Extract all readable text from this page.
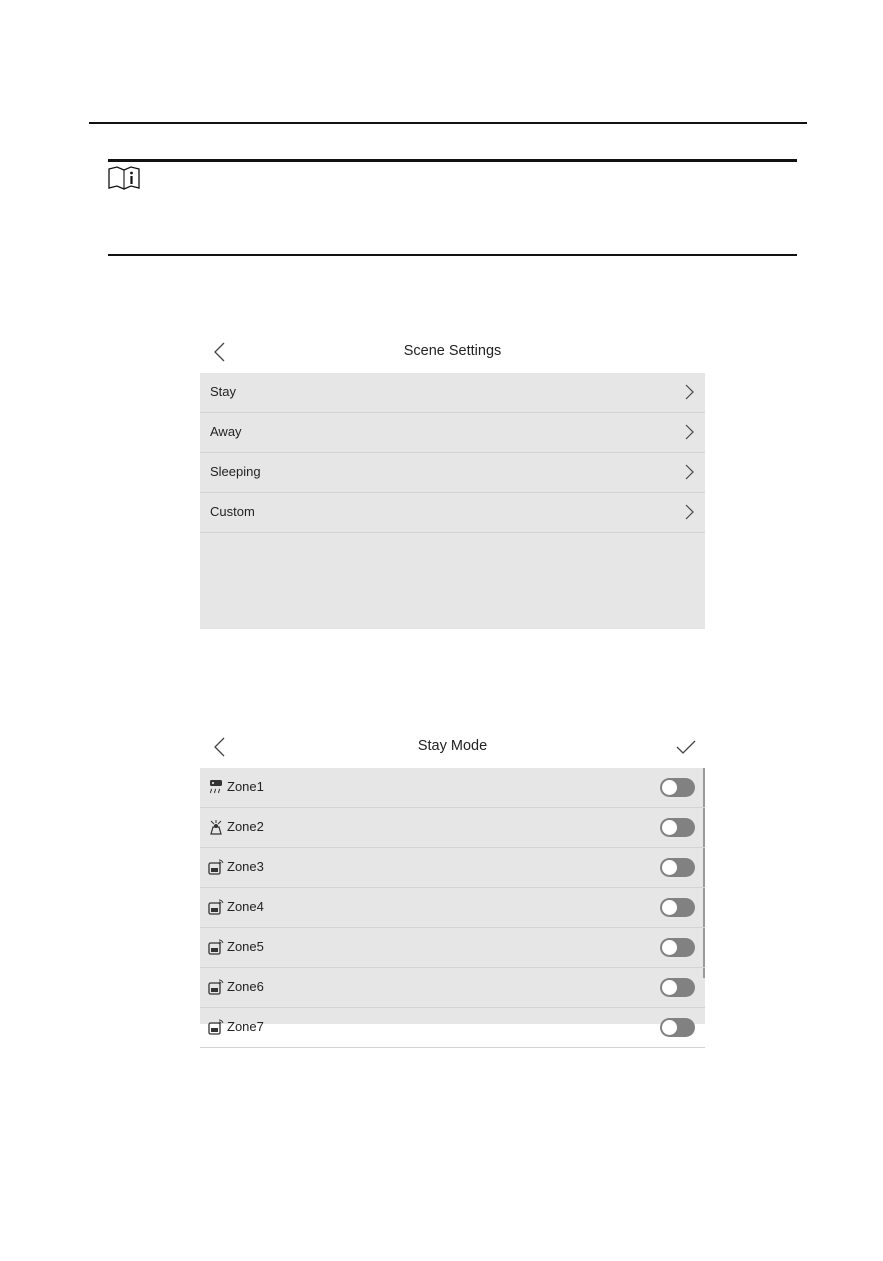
Scene Settings
Stay
Away
Sleeping
Custom
Stay Mode
Zone1
Zone2
Zone3
Zone4
Zone5
Zone6
Zone7
